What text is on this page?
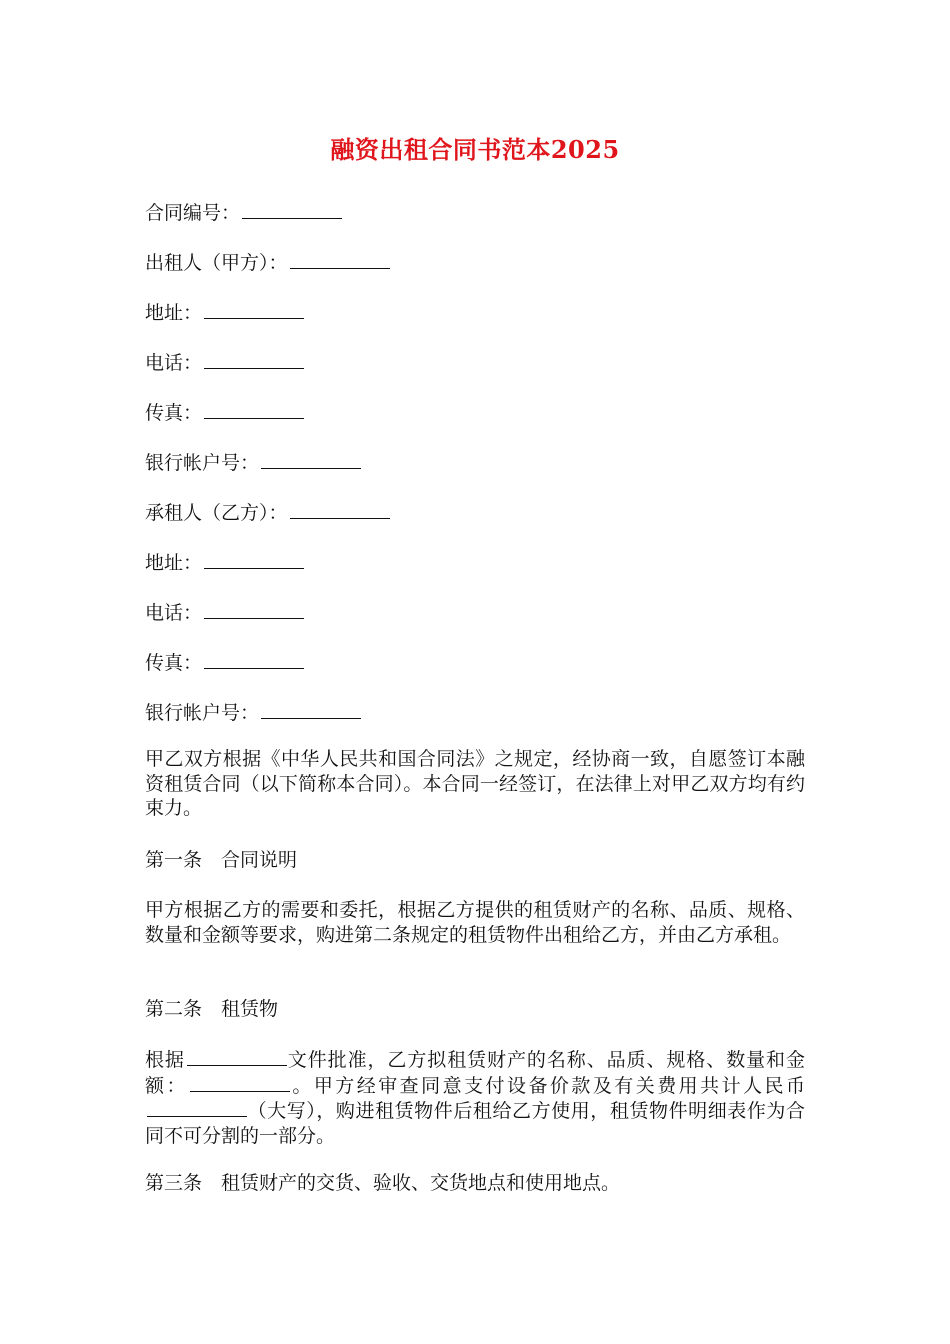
融资出租合同书范本2025
合同编号：
出租人（甲方）：
地址：
电话：
传真：
银行帐户号：
承租人（乙方）：
地址：
电话：
传真：
银行帐户号：
甲乙双方根据《中华人民共和国合同法》之规定，经协商一致，自愿签订本融资租赁合同（以下简称本合同）。本合同一经签订，在法律上对甲乙双方均有约束力。
第一条　合同说明
甲方根据乙方的需要和委托，根据乙方提供的租赁财产的名称、品质、规格、数量和金额等要求，购进第二条规定的租赁物件出租给乙方，并由乙方承租。
第二条　租赁物
根据	文件批准，乙方拟租赁财产的名称、品质、规格、数量和金额：	。甲方经审查同意支付设备价款及有关费用共计人民币（大写），购进租赁物件后租给乙方使用，租赁物件明细表作为合同不可分割的一部分。
第三条　租赁财产的交货、验收、交货地点和使用地点。
